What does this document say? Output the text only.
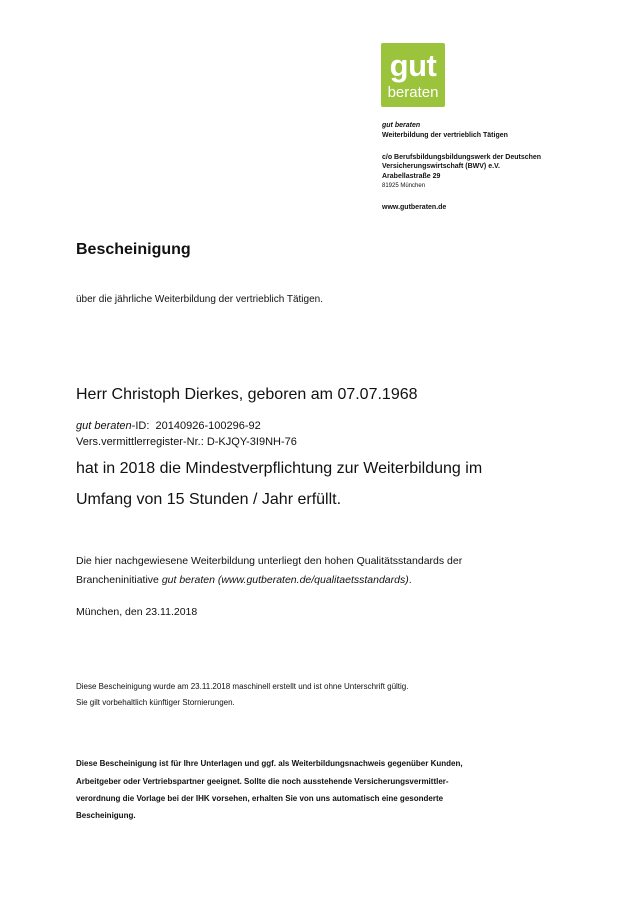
gut

beraten

gut beraten
Weiterbildung der vertrieblich Tätigen
c/o Berufsbildungsbildungswerk der Deutschen
Versicherungswirtschaft (BWV) e.V.
Arabellastraße 29
81925 München
www.gutberaten.de
Bescheinigung
über die jährliche Weiterbildung der vertrieblich Tätigen.
Herr Christoph Dierkes, geboren am 07.07.1968
gut beraten-ID: 20140926-100296-92
Vers.vermittlerregister-Nr.: D-KJQY-3I9NH-76
hat in 2018 die Mindestverpflichtung zur Weiterbildung im
Umfang von 15 Stunden / Jahr erfüllt.
Die hier nachgewiesene Weiterbildung unterliegt den hohen Qualitätsstandards der
Brancheninitiative gut beraten (www.gutberaten.de/qualitaetsstandards).
München, den 23.11.2018
Diese Bescheinigung wurde am 23.11.2018 maschinell erstellt und ist ohne Unterschrift gültig.
Sie gilt vorbehaltlich künftiger Stornierungen.
Diese Bescheinigung ist für Ihre Unterlagen und ggf. als Weiterbildungsnachweis gegenüber Kunden,
Arbeitgeber oder Vertriebspartner geeignet. Sollte die noch ausstehende Versicherungsvermittler-
verordnung die Vorlage bei der IHK vorsehen, erhalten Sie von uns automatisch eine gesonderte
Bescheinigung.
